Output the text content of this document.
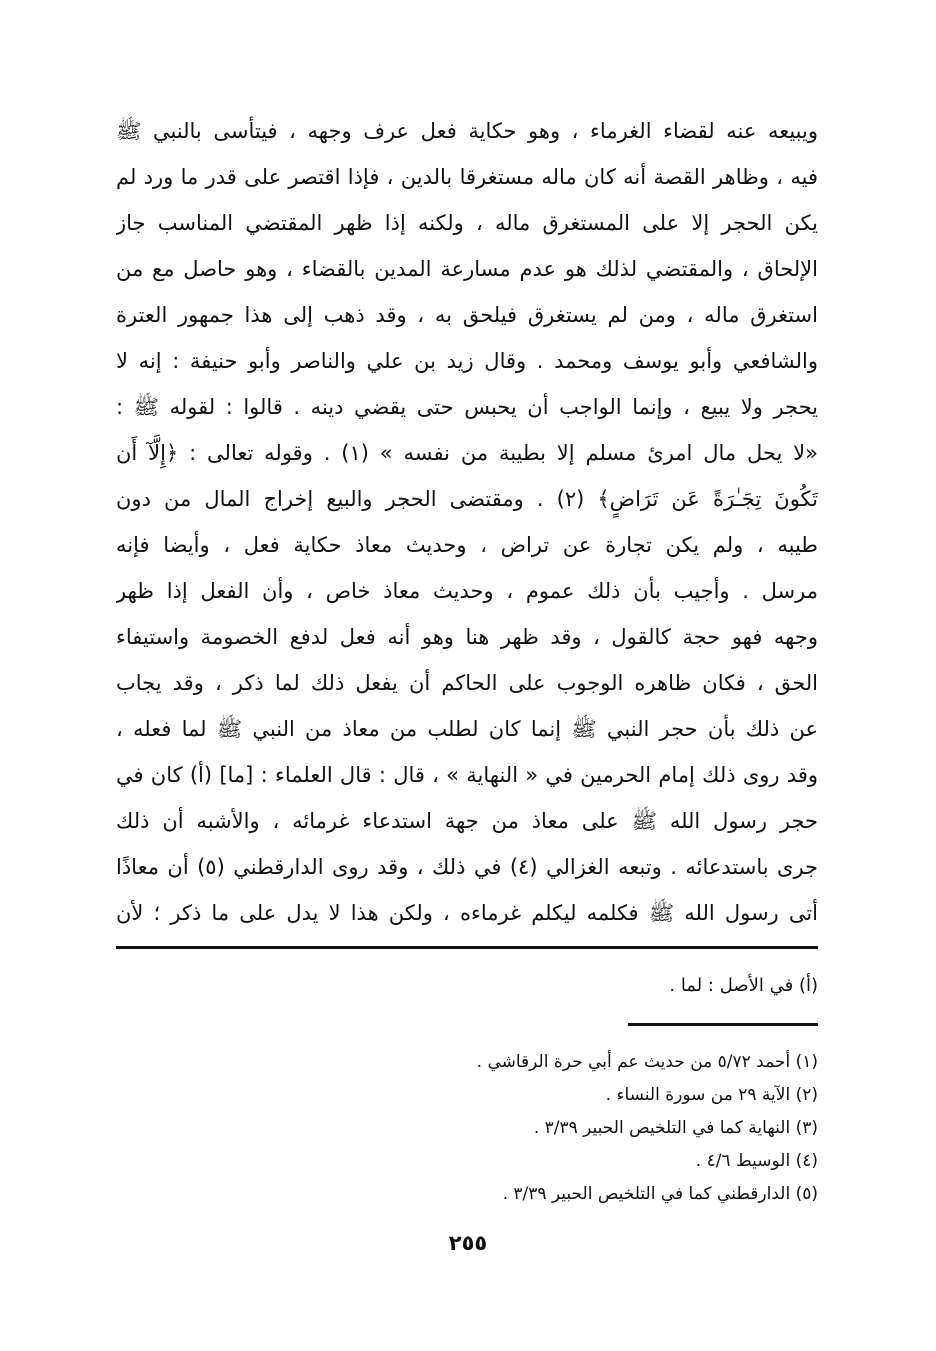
ويبيعه عنه لقضاء الغرماء ، وهو حكاية فعل عرف وجهه ، فيتأسى بالنبي ﷺ
فيه ، وظاهر القصة أنه كان ماله مستغرقا بالدين ، فإذا اقتصر على قدر ما ورد لم
يكن الحجر إلا على المستغرق ماله ، ولكنه إذا ظهر المقتضي المناسب جاز
الإلحاق ، والمقتضي لذلك هو عدم مسارعة المدين بالقضاء ، وهو حاصل مع من
استغرق ماله ، ومن لم يستغرق فيلحق به ، وقد ذهب إلى هذا جمهور العترة
والشافعي وأبو يوسف ومحمد . وقال زيد بن علي والناصر وأبو حنيفة : إنه لا
يحجر ولا يبيع ، وإنما الواجب أن يحبس حتى يقضي دينه . قالوا : لقوله ﷺ :
«لا يحل مال امرئ مسلم إلا بطيبة من نفسه » (١) . وقوله تعالى : ﴿إِلَّآ أَن
تَكُونَ تِجَـٰرَةً عَن تَرَاضٍ﴾ (٢) . ومقتضى الحجر والبيع إخراج المال من دون
طيبه ، ولم يكن تجارة عن تراض ، وحديث معاذ حكاية فعل ، وأيضا فإنه
مرسل . وأجيب بأن ذلك عموم ، وحديث معاذ خاص ، وأن الفعل إذا ظهر
وجهه فهو حجة كالقول ، وقد ظهر هنا وهو أنه فعل لدفع الخصومة واستيفاء
الحق ، فكان ظاهره الوجوب على الحاكم أن يفعل ذلك لما ذكر ، وقد يجاب
عن ذلك بأن حجر النبي ﷺ إنما كان لطلب من معاذ من النبي ﷺ لما فعله ،
وقد روى ذلك إمام الحرمين في « النهاية » ، قال : قال العلماء : [ما] (أ) كان في
حجر رسول الله ﷺ على معاذ من جهة استدعاء غرمائه ، والأشبه أن ذلك
جرى باستدعائه . وتبعه الغزالي (٤) في ذلك ، وقد روى الدارقطني (٥) أن معاذًا
أتى رسول الله ﷺ فكلمه ليكلم غرماءه ، ولكن هذا لا يدل على ما ذكر ؛ لأن
(أ) في الأصل : لما .
(١) أحمد ٥/٧٢ من حديث عم أبي حرة الرقاشي .
(٢) الآية ٢٩ من سورة النساء .
(٣) النهاية كما في التلخيص الحبير ٣/٣٩ .
(٤) الوسيط ٤/٦ .
(٥) الدارقطني كما في التلخيص الحبير ٣/٣٩ .
٢٥٥
